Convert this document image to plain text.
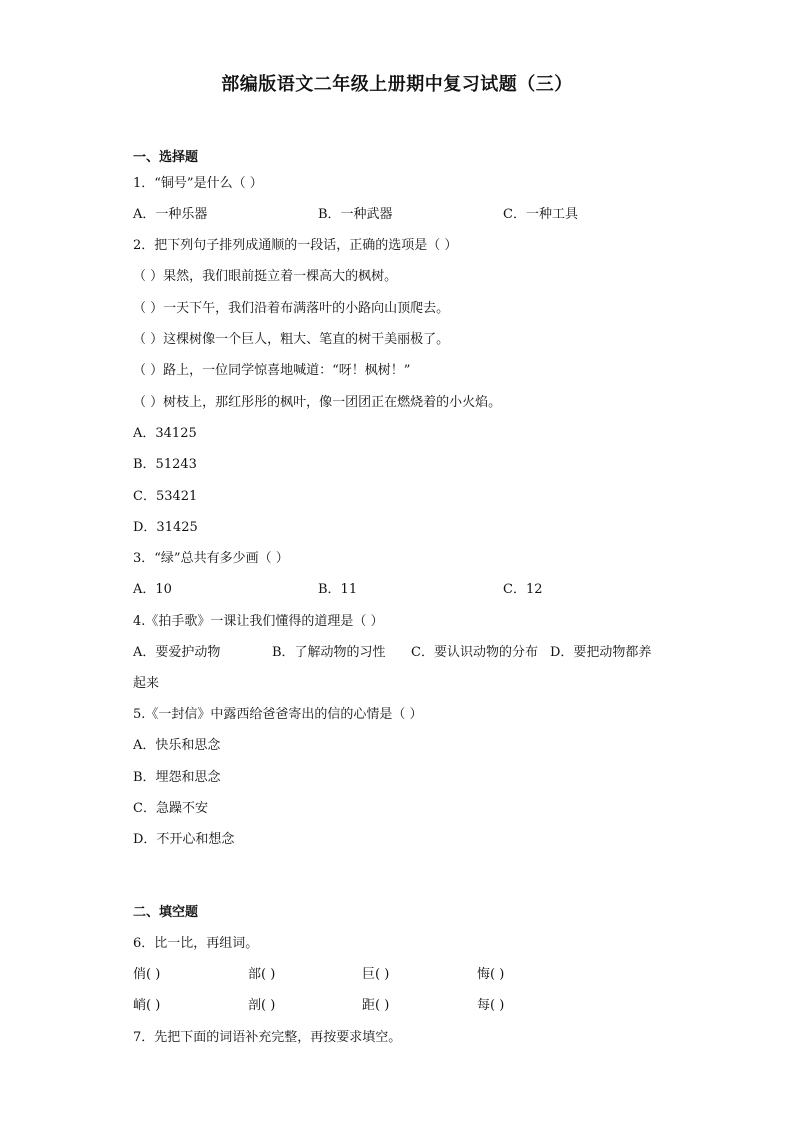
部编版语文二年级上册期中复习试题（三）
一、选择题
1．“铜号”是什么（ ）
A．一种乐器	B．一种武器	C．一种工具
2．把下列句子排列成通顺的一段话，正确的选项是（ ）
（ ）果然，我们眼前挺立着一棵高大的枫树。
（ ）一天下午，我们沿着布满落叶的小路向山顶爬去。
（ ）这棵树像一个巨人，粗大、笔直的树干美丽极了。
（ ）路上，一位同学惊喜地喊道：“呀！枫树！”
（ ）树枝上，那红彤彤的枫叶，像一团团正在燃烧着的小火焰。
A．34125
B．51243
C．53421
D．31425
3．“绿”总共有多少画（ ）
A．10	B．11	C．12
4.《拍手歌》一课让我们懂得的道理是（ ）
A．要爱护动物	B．了解动物的习性 C．要认识动物的分布 D．要把动物都养
起来
5.《一封信》中露西给爸爸寄出的信的心情是（ ）
A．快乐和思念
B．埋怨和思念
C．急躁不安
D．不开心和想念
二、填空题
6．比一比，再组词。
俏( )	部( )	巨( )	悔( )
峭( )	剖( )	距( )	每( )
7．先把下面的词语补充完整，再按要求填空。
